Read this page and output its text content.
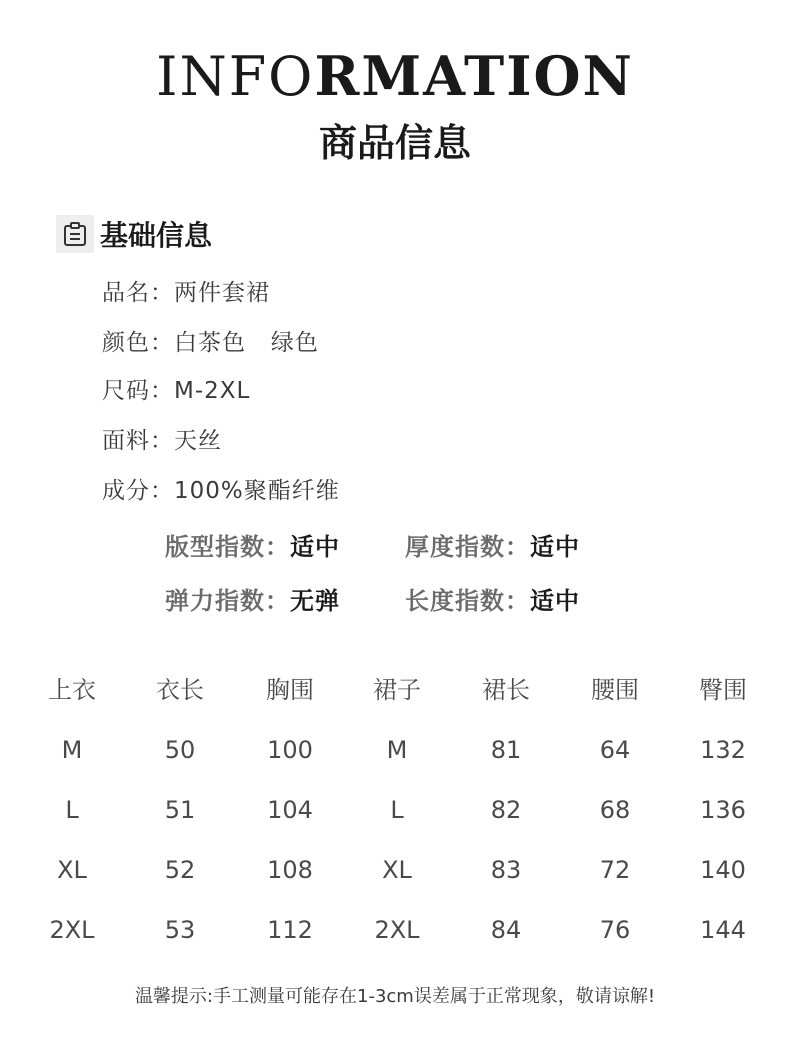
INFORMATION
商品信息
基础信息
品名：两件套裙
颜色：白茶色   绿色
尺码：M-2XL
面料：天丝
成分：100%聚酯纤维
版型指数：适中	厚度指数：适中
弹力指数：无弹	长度指数：适中
上衣	衣长	胸围	裙子	裙长	腰围	臀围
M	50	100	M	81	64	132
L	51	104	L	82	68	136
XL	52	108	XL	83	72	140
2XL	53	112	2XL	84	76	144
温馨提示:手工测量可能存在1-3cm误差属于正常现象，敬请谅解!
